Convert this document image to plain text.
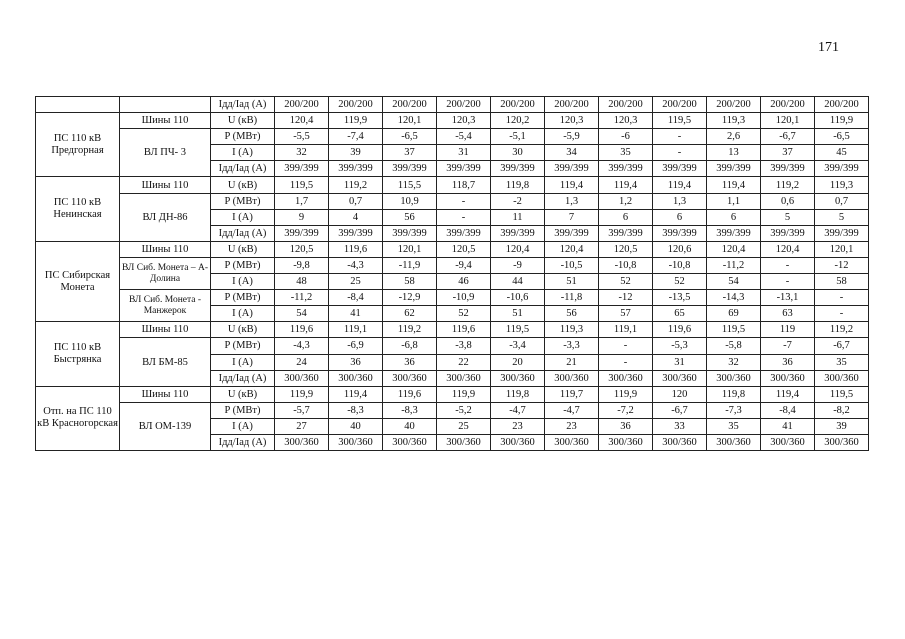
171
		Iдд/Iад (А)	200/200	200/200	200/200	200/200	200/200	200/200	200/200	200/200	200/200	200/200	200/200
ПС 110 кВ Предгорная	Шины 110	U (кВ)	120,4	119,9	120,1	120,3	120,2	120,3	120,3	119,5	119,3	120,1	119,9
	ВЛ ПЧ- 3	P (МВт)	-5,5	-7,4	-6,5	-5,4	-5,1	-5,9	-6	-	2,6	-6,7	-6,5
		I (А)	32	39	37	31	30	34	35	-	13	37	45
		Iдд/Iад (А)	399/399	399/399	399/399	399/399	399/399	399/399	399/399	399/399	399/399	399/399	399/399
ПС 110 кВ Ненинская	Шины 110	U (кВ)	119,5	119,2	115,5	118,7	119,8	119,4	119,4	119,4	119,4	119,2	119,3
	ВЛ ДН-86	P (МВт)	1,7	0,7	10,9	-	-2	1,3	1,2	1,3	1,1	0,6	0,7
		I (А)	9	4	56	-	11	7	6	6	6	5	5
		Iдд/Iад (А)	399/399	399/399	399/399	399/399	399/399	399/399	399/399	399/399	399/399	399/399	399/399
ПС Сибирская Монета	Шины 110	U (кВ)	120,5	119,6	120,1	120,5	120,4	120,4	120,5	120,6	120,4	120,4	120,1
	ВЛ Сиб. Монета – А-Долина	P (МВт)	-9,8	-4,3	-11,9	-9,4	-9	-10,5	-10,8	-10,8	-11,2	-	-12
		I (А)	48	25	58	46	44	51	52	52	54	-	58
	ВЛ Сиб. Монета - Манжерок	P (МВт)	-11,2	-8,4	-12,9	-10,9	-10,6	-11,8	-12	-13,5	-14,3	-13,1	-
		I (А)	54	41	62	52	51	56	57	65	69	63	-
ПС 110 кВ Быстрянка	Шины 110	U (кВ)	119,6	119,1	119,2	119,6	119,5	119,3	119,1	119,6	119,5	119	119,2
	ВЛ БМ-85	P (МВт)	-4,3	-6,9	-6,8	-3,8	-3,4	-3,3	-	-5,3	-5,8	-7	-6,7
		I (А)	24	36	36	22	20	21	-	31	32	36	35
		Iдд/Iад (А)	300/360	300/360	300/360	300/360	300/360	300/360	300/360	300/360	300/360	300/360	300/360
Отп. на ПС 110 кВ Красногорская	Шины 110	U (кВ)	119,9	119,4	119,6	119,9	119,8	119,7	119,9	120	119,8	119,4	119,5
	ВЛ ОМ-139	P (МВт)	-5,7	-8,3	-8,3	-5,2	-4,7	-4,7	-7,2	-6,7	-7,3	-8,4	-8,2
		I (А)	27	40	40	25	23	23	36	33	35	41	39
		Iдд/Iад (А)	300/360	300/360	300/360	300/360	300/360	300/360	300/360	300/360	300/360	300/360	300/360
